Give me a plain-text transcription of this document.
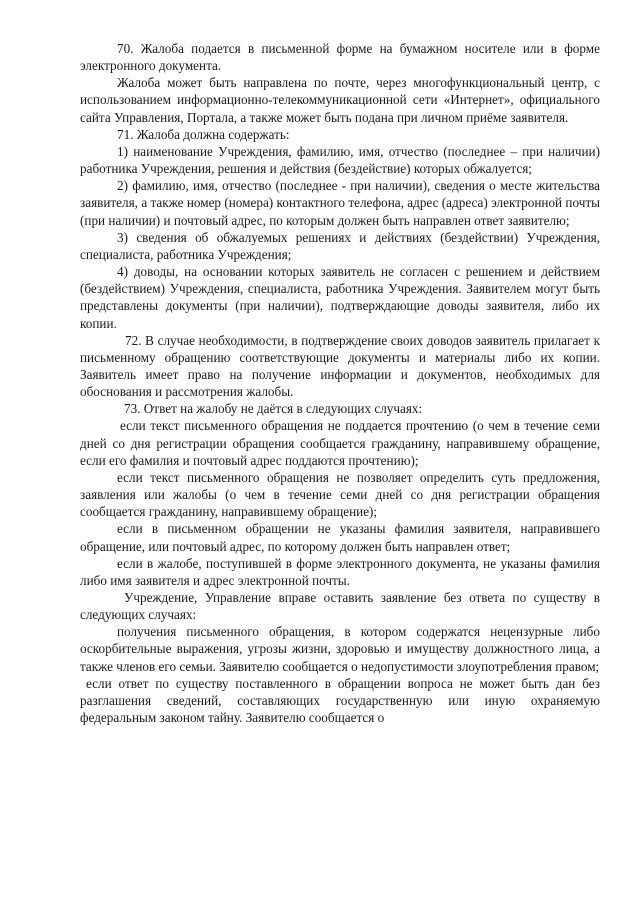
70. Жалоба подается в письменной форме на бумажном носителе или в форме электронного документа.

Жалоба может быть направлена по почте, через многофункциональный центр, с использованием информационно-телекоммуникационной сети «Интернет», официального сайта Управления, Портала, а также может быть подана при личном приёме заявителя.

71. Жалоба должна содержать:

1) наименование Учреждения, фамилию, имя, отчество (последнее – при наличии) работника Учреждения, решения и действия (бездействие) которых обжалуется;

2) фамилию, имя, отчество (последнее - при наличии), сведения о месте жительства заявителя, а также номер (номера) контактного телефона, адрес (адреса) электронной почты (при наличии) и почтовый адрес, по которым должен быть направлен ответ заявителю;

3) сведения об обжалуемых решениях и действиях (бездействии) Учреждения, специалиста, работника Учреждения;

4) доводы, на основании которых заявитель не согласен с решением и действием (бездействием) Учреждения, специалиста, работника Учреждения. Заявителем могут быть представлены документы (при наличии), подтверждающие доводы заявителя, либо их копии.

72. В случае необходимости, в подтверждение своих доводов заявитель прилагает к письменному обращению соответствующие документы и материалы либо их копии. Заявитель имеет право на получение информации и документов, необходимых для обоснования и рассмотрения жалобы.

73. Ответ на жалобу не даётся в следующих случаях:

если текст письменного обращения не поддается прочтению (о чем в течение семи дней со дня регистрации обращения сообщается гражданину, направившему обращение, если его фамилия и почтовый адрес поддаются прочтению);

если текст письменного обращения не позволяет определить суть предложения, заявления или жалобы (о чем в течение семи дней со дня регистрации обращения сообщается гражданину, направившему обращение);

если в письменном обращении не указаны фамилия заявителя, направившего обращение, или почтовый адрес, по которому должен быть направлен ответ;

если в жалобе, поступившей в форме электронного документа, не указаны фамилия либо имя заявителя и адрес электронной почты.

Учреждение, Управление вправе оставить заявление без ответа по существу в следующих случаях:

получения письменного обращения, в котором содержатся нецензурные либо оскорбительные выражения, угрозы жизни, здоровью и имуществу должностного лица, а также членов его семьи. Заявителю сообщается о недопустимости злоупотребления правом;

если ответ по существу поставленного в обращении вопроса не может быть дан без разглашения сведений, составляющих государственную или иную охраняемую федеральным законом тайну. Заявителю сообщается о
